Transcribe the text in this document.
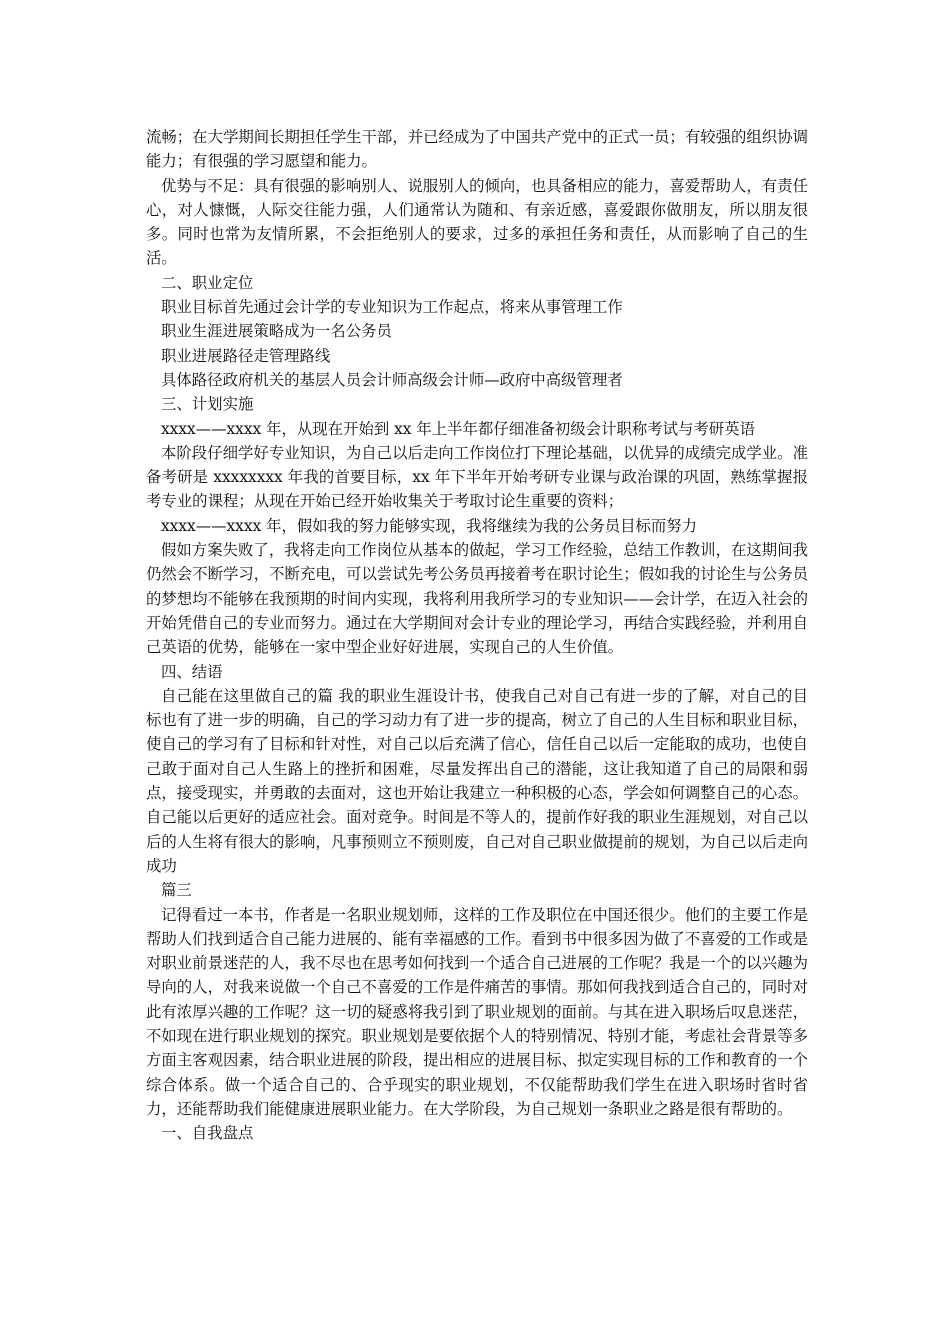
流畅；在大学期间长期担任学生干部，并已经成为了中国共产党中的正式一员；有较强的组织协调能力；有很强的学习愿望和能力。

优势与不足：具有很强的影响别人、说服别人的倾向，也具备相应的能力，喜爱帮助人，有责任心，对人慷慨，人际交往能力强，人们通常认为随和、有亲近感，喜爱跟你做朋友，所以朋友很多。同时也常为友情所累，不会拒绝别人的要求，过多的承担任务和责任，从而影响了自己的生活。

二、职业定位

职业目标首先通过会计学的专业知识为工作起点，将来从事管理工作

职业生涯进展策略成为一名公务员

职业进展路径走管理路线

具体路径政府机关的基层人员会计师高级会计师—政府中高级管理者

三、计划实施

xxxx——xxxx 年，从现在开始到 xx 年上半年都仔细准备初级会计职称考试与考研英语

本阶段仔细学好专业知识，为自己以后走向工作岗位打下理论基础，以优异的成绩完成学业。准备考研是 xxxxxxxx 年我的首要目标，xx 年下半年开始考研专业课与政治课的巩固，熟练掌握报考专业的课程；从现在开始已经开始收集关于考取讨论生重要的资料；

xxxx——xxxx 年，假如我的努力能够实现，我将继续为我的公务员目标而努力

假如方案失败了，我将走向工作岗位从基本的做起，学习工作经验，总结工作教训，在这期间我仍然会不断学习，不断充电，可以尝试先考公务员再接着考在职讨论生；假如我的讨论生与公务员的梦想均不能够在我预期的时间内实现，我将利用我所学习的专业知识——会计学，在迈入社会的开始凭借自己的专业而努力。通过在大学期间对会计专业的理论学习，再结合实践经验，并利用自己英语的优势，能够在一家中型企业好好进展，实现自己的人生价值。

四、结语

自己能在这里做自己的篇 我的职业生涯设计书，使我自己对自己有进一步的了解，对自己的目标也有了进一步的明确，自己的学习动力有了进一步的提高，树立了自己的人生目标和职业目标，使自己的学习有了目标和针对性，对自己以后充满了信心，信任自己以后一定能取的成功，也使自己敢于面对自己人生路上的挫折和困难，尽量发挥出自己的潜能，这让我知道了自己的局限和弱点，接受现实，并勇敢的去面对，这也开始让我建立一种积极的心态，学会如何调整自己的心态。自己能以后更好的适应社会。面对竞争。时间是不等人的，提前作好我的职业生涯规划，对自己以后的人生将有很大的影响，凡事预则立不预则废，自己对自己职业做提前的规划，为自己以后走向成功

篇三

记得看过一本书，作者是一名职业规划师，这样的工作及职位在中国还很少。他们的主要工作是帮助人们找到适合自己能力进展的、能有幸福感的工作。看到书中很多因为做了不喜爱的工作或是对职业前景迷茫的人，我不尽也在思考如何找到一个适合自己进展的工作呢？我是一个的以兴趣为导向的人，对我来说做一个自己不喜爱的工作是件痛苦的事情。那如何我找到适合自己的，同时对此有浓厚兴趣的工作呢？这一切的疑惑将我引到了职业规划的面前。与其在进入职场后叹息迷茫，不如现在进行职业规划的探究。职业规划是要依据个人的特别情况、特别才能，考虑社会背景等多方面主客观因素，结合职业进展的阶段，提出相应的进展目标、拟定实现目标的工作和教育的一个综合体系。做一个适合自己的、合乎现实的职业规划，不仅能帮助我们学生在进入职场时省时省力，还能帮助我们能健康进展职业能力。在大学阶段，为自己规划一条职业之路是很有帮助的。

一、自我盘点
